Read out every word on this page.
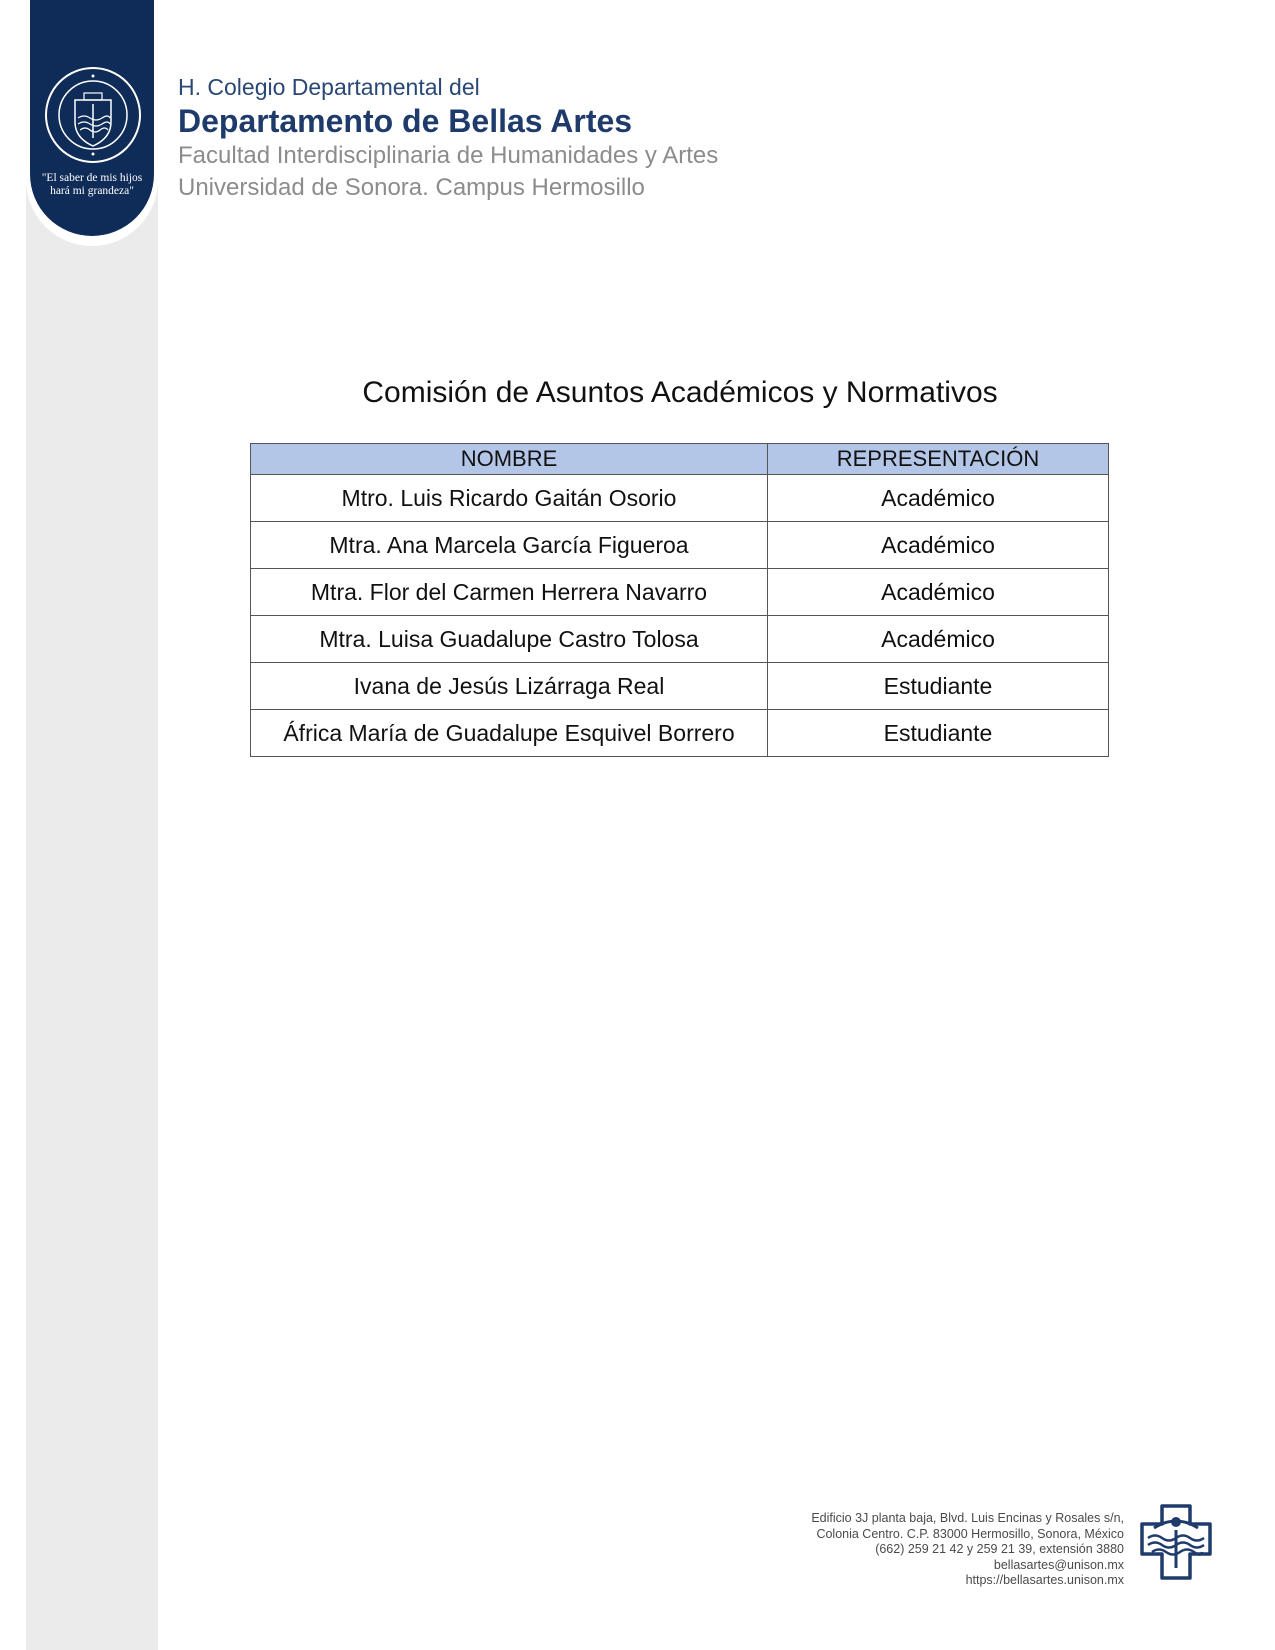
"El saber de mis hijos
hará mi grandeza"
H. Colegio Departamental del
Departamento de Bellas Artes
Facultad Interdisciplinaria de Humanidades y Artes
Universidad de Sonora. Campus Hermosillo
Comisión de Asuntos Académicos y Normativos
NOMBRE	REPRESENTACIÓN
Mtro. Luis Ricardo Gaitán Osorio	Académico
Mtra. Ana Marcela García Figueroa	Académico
Mtra. Flor del Carmen Herrera Navarro	Académico
Mtra. Luisa Guadalupe Castro Tolosa	Académico
Ivana de Jesús Lizárraga Real	Estudiante
África María de Guadalupe Esquivel Borrero	Estudiante
Edificio 3J planta baja, Blvd. Luis Encinas y Rosales s/n,
Colonia Centro. C.P. 83000 Hermosillo, Sonora, México
(662) 259 21 42 y 259 21 39, extensión 3880
bellasartes@unison.mx
https://bellasartes.unison.mx
